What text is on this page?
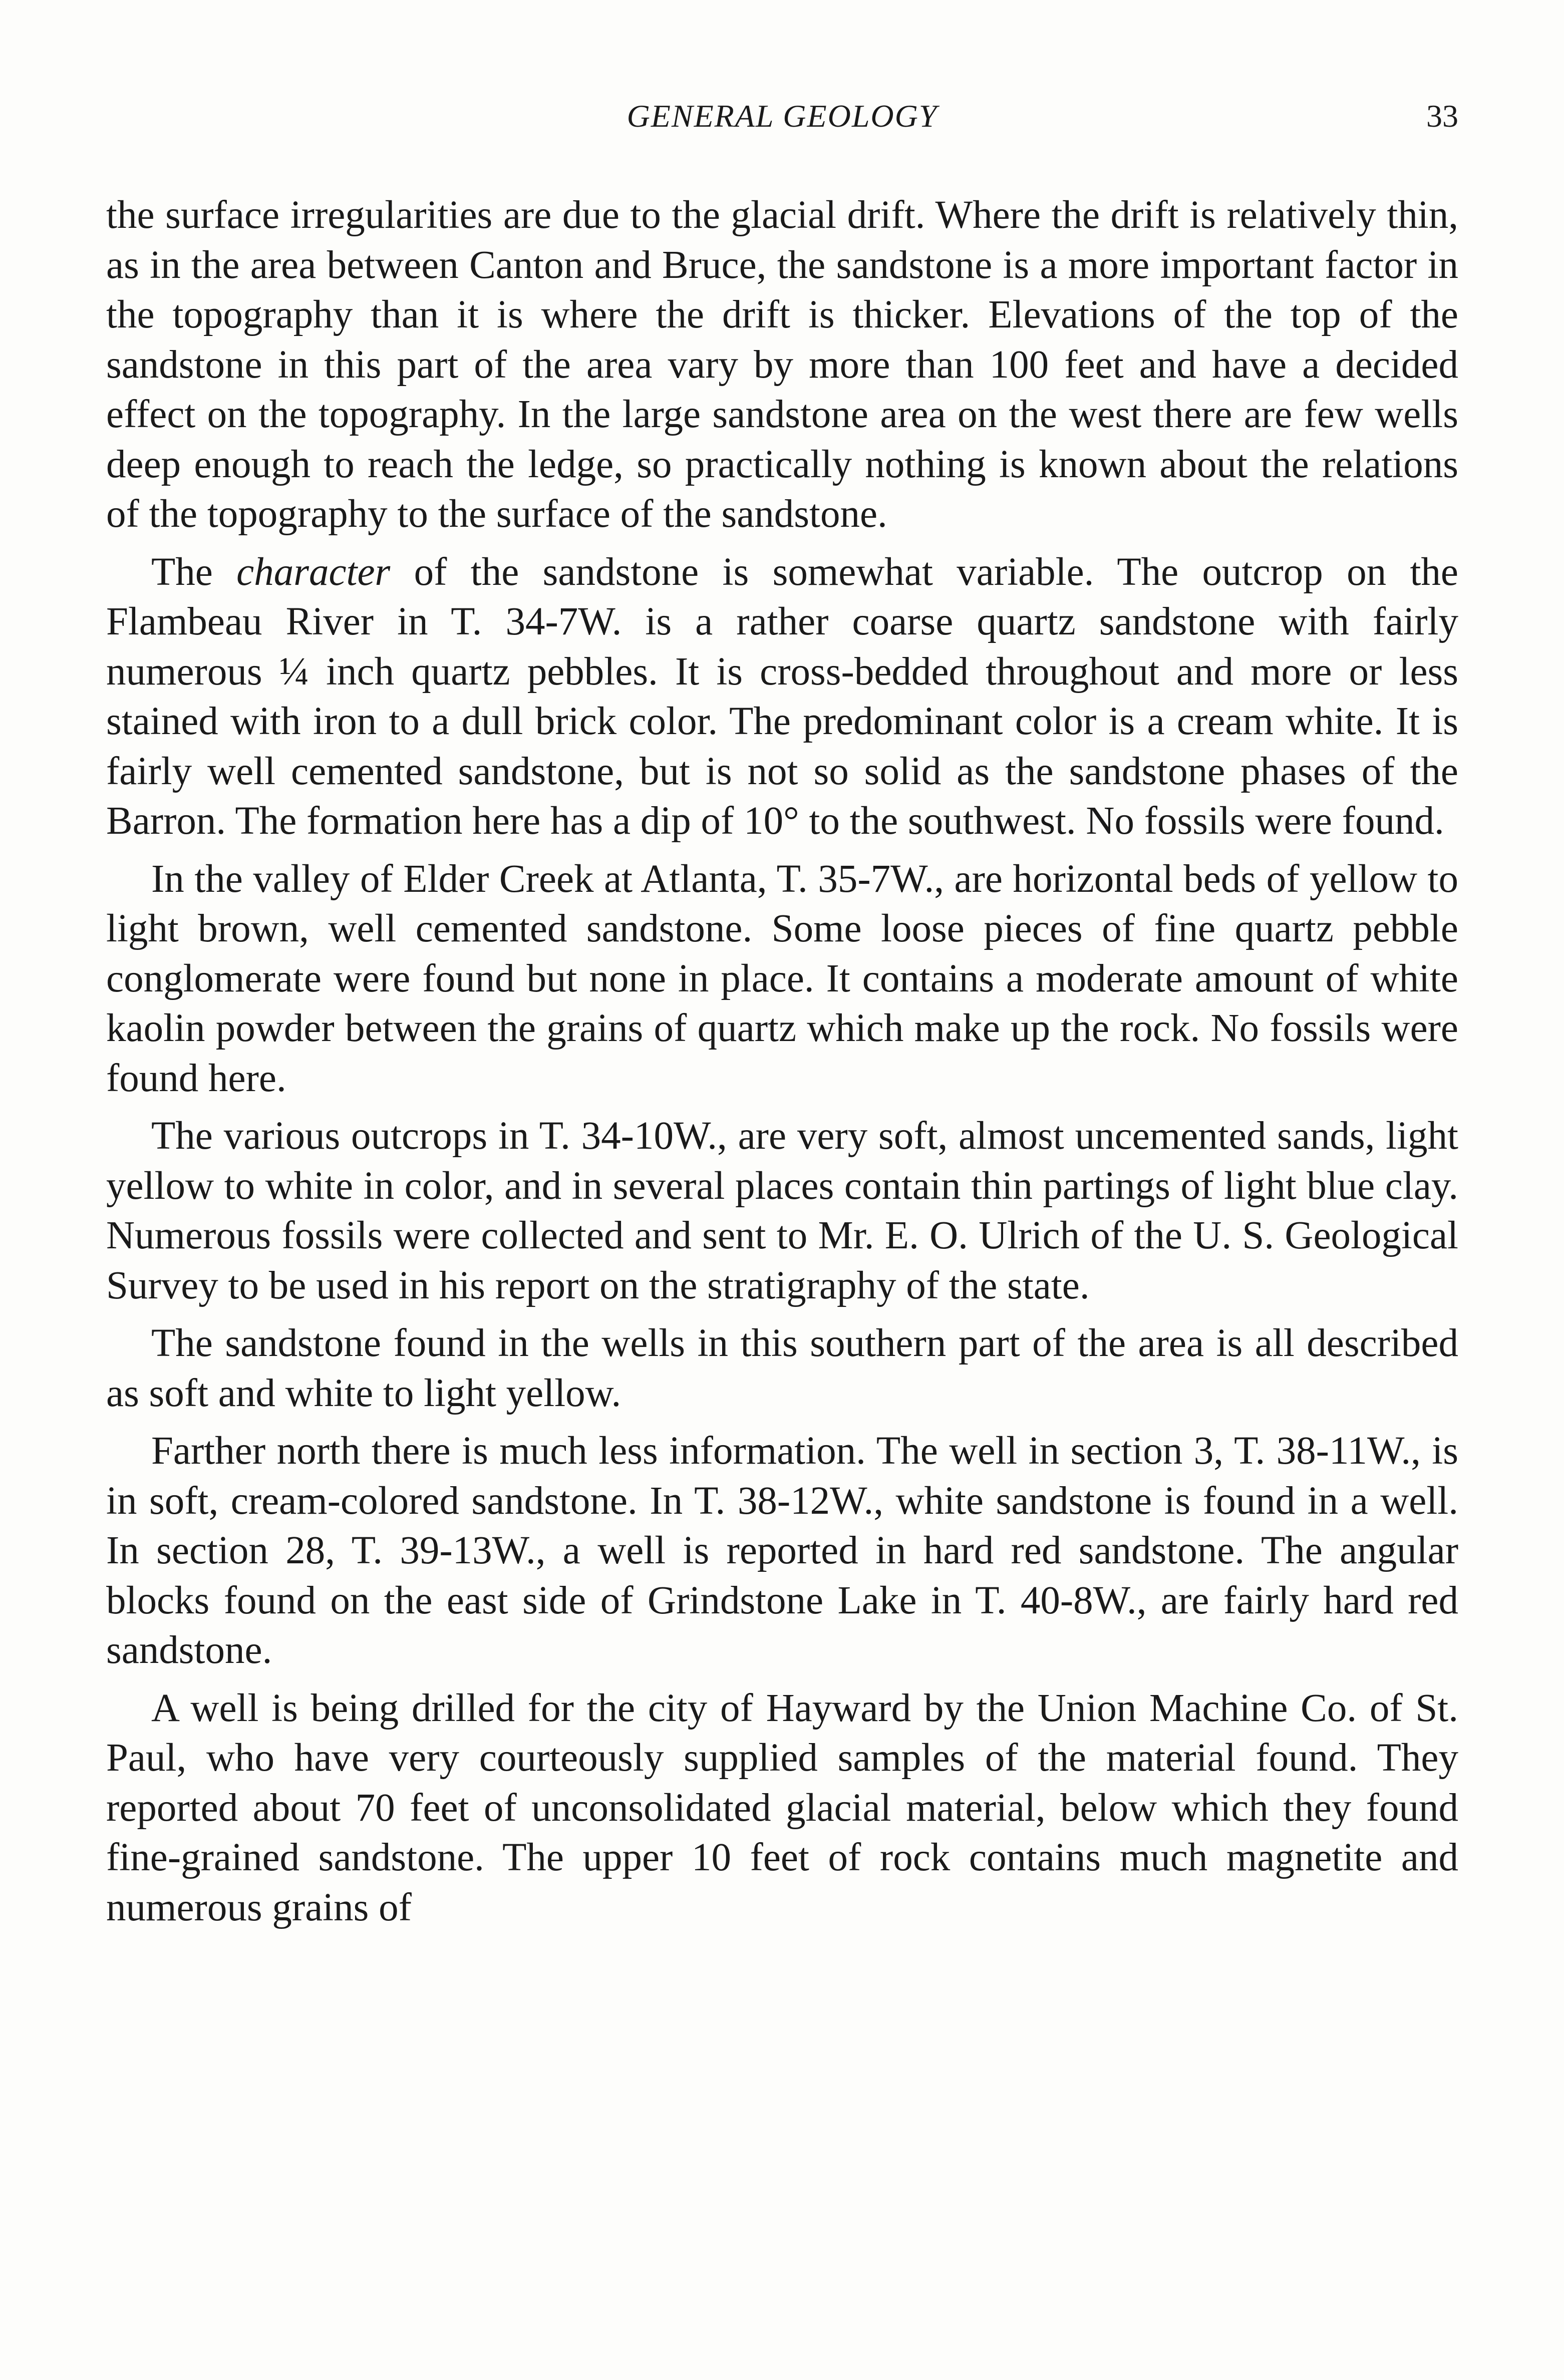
GENERAL GEOLOGY	33

the surface irregularities are due to the glacial drift. Where the drift is relatively thin, as in the area between Canton and Bruce, the sandstone is a more important factor in the topography than it is where the drift is thicker. Elevations of the top of the sandstone in this part of the area vary by more than 100 feet and have a decided effect on the topography. In the large sandstone area on the west there are few wells deep enough to reach the ledge, so practically nothing is known about the relations of the topography to the surface of the sandstone.

The character of the sandstone is somewhat variable. The outcrop on the Flambeau River in T. 34-7W. is a rather coarse quartz sandstone with fairly numerous ¼ inch quartz pebbles. It is cross-bedded throughout and more or less stained with iron to a dull brick color. The predominant color is a cream white. It is fairly well cemented sandstone, but is not so solid as the sandstone phases of the Barron. The formation here has a dip of 10° to the southwest. No fossils were found.

In the valley of Elder Creek at Atlanta, T. 35-7W., are horizontal beds of yellow to light brown, well cemented sandstone. Some loose pieces of fine quartz pebble conglomerate were found but none in place. It contains a moderate amount of white kaolin powder between the grains of quartz which make up the rock. No fossils were found here.

The various outcrops in T. 34-10W., are very soft, almost uncemented sands, light yellow to white in color, and in several places contain thin partings of light blue clay. Numerous fossils were collected and sent to Mr. E. O. Ulrich of the U. S. Geological Survey to be used in his report on the stratigraphy of the state.

The sandstone found in the wells in this southern part of the area is all described as soft and white to light yellow.

Farther north there is much less information. The well in section 3, T. 38-11W., is in soft, cream-colored sandstone. In T. 38-12W., white sandstone is found in a well. In section 28, T. 39-13W., a well is reported in hard red sandstone. The angular blocks found on the east side of Grindstone Lake in T. 40-8W., are fairly hard red sandstone.

A well is being drilled for the city of Hayward by the Union Machine Co. of St. Paul, who have very courteously supplied samples of the material found. They reported about 70 feet of unconsolidated glacial material, below which they found fine-grained sandstone. The upper 10 feet of rock contains much magnetite and numerous grains of
